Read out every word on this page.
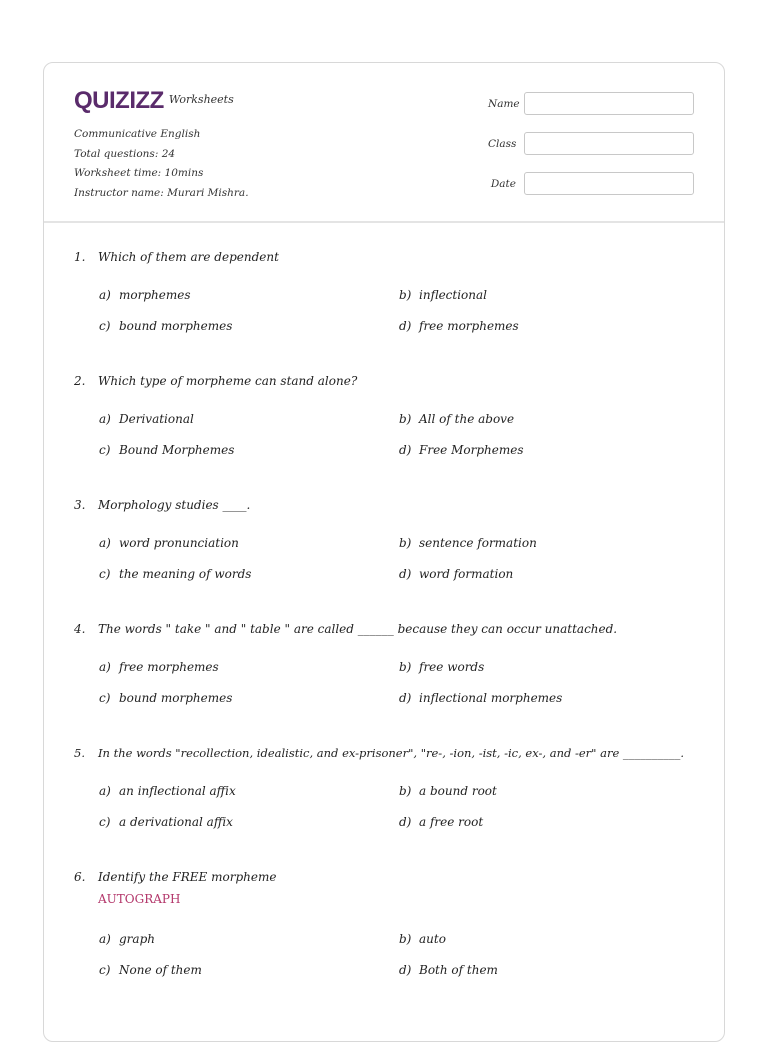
QUIZIZZ Worksheets
Communicative English
Total questions: 24
Worksheet time: 10mins
Instructor name: Murari Mishra.
Name
Class
Date
1. Which of them are dependent
a) morphemes	b) inflectional
c) bound morphemes	d) free morphemes
2. Which type of morpheme can stand alone?
a) Derivational	b) All of the above
c) Bound Morphemes	d) Free Morphemes
3. Morphology studies ____.
a) word pronunciation	b) sentence formation
c) the meaning of words	d) word formation
4. The words " take " and " table " are called ______ because they can occur unattached.
a) free morphemes	b) free words
c) bound morphemes	d) inflectional morphemes
5. In the words "recollection, idealistic, and ex-prisoner", "re-, -ion, -ist, -ic, ex-, and -er" are __________.
a) an inflectional affix	b) a bound root
c) a derivational affix	d) a free root
6. Identify the FREE morpheme
AUTOGRAPH
a) graph	b) auto
c) None of them	d) Both of them
